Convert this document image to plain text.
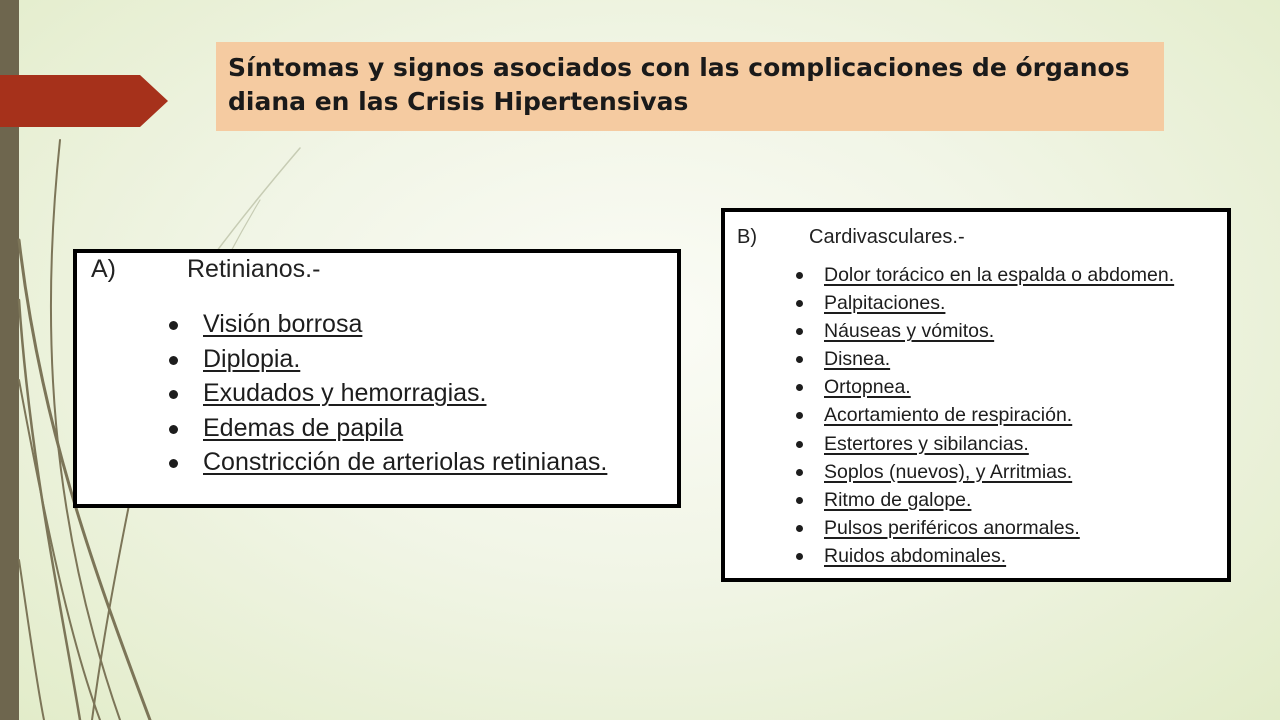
Síntomas y signos asociados con las complicaciones de órganos diana en las Crisis Hipertensivas

A)	Retinianos.-
Visión borrosa
Diplopia.
Exudados y hemorragias.
Edemas de papila
Constricción de arteriolas retinianas.
B)	Cardivasculares.-
Dolor torácico en la espalda o abdomen.
Palpitaciones.
Náuseas y vómitos.
Disnea.
Ortopnea.
Acortamiento de respiración.
Estertores y sibilancias.
Soplos (nuevos), y Arritmias.
Ritmo de galope.
Pulsos periféricos anormales.
Ruidos abdominales.
